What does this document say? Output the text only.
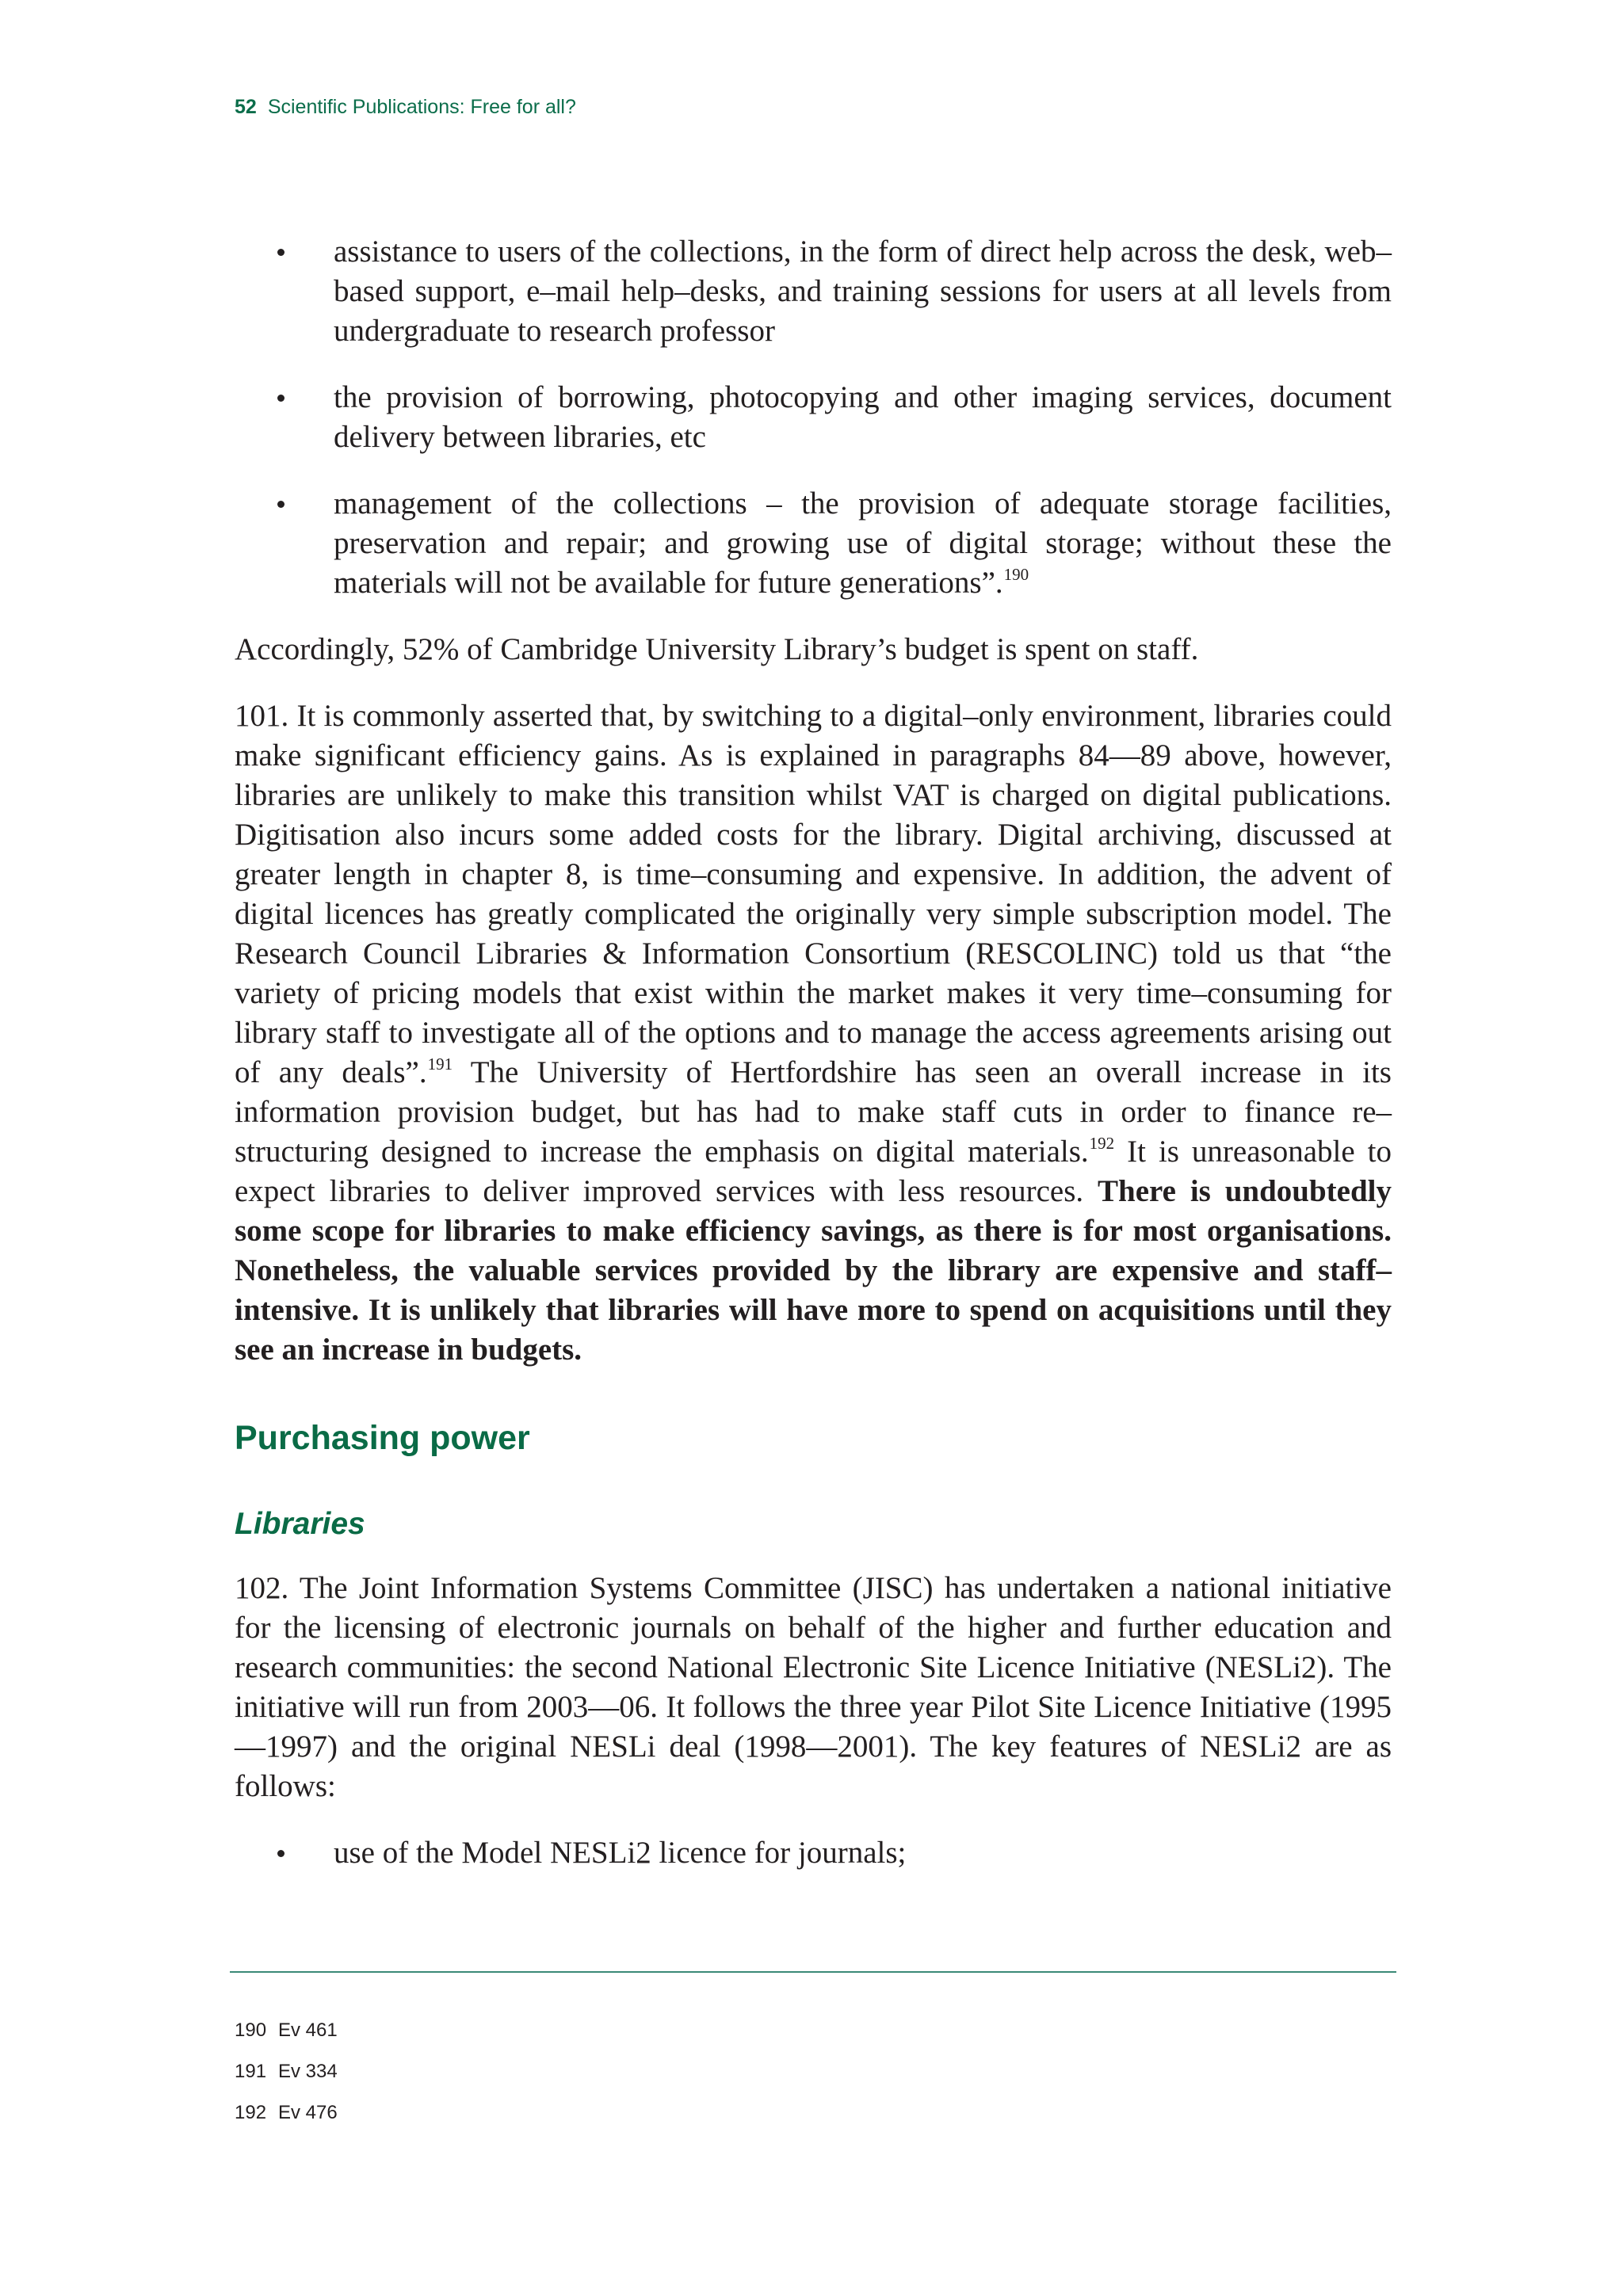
52 Scientific Publications: Free for all?
assistance to users of the collections, in the form of direct help across the desk, web–based support, e–mail help–desks, and training sessions for users at all levels from undergraduate to research professor
the provision of borrowing, photocopying and other imaging services, document delivery between libraries, etc
management of the collections – the provision of adequate storage facilities, preservation and repair; and growing use of digital storage; without these the materials will not be available for future generations”.$^{190}$

Accordingly, 52% of Cambridge University Library’s budget is spent on staff.

101. It is commonly asserted that, by switching to a digital–only environment, libraries could make significant efficiency gains. As is explained in paragraphs 84—89 above, however, libraries are unlikely to make this transition whilst VAT is charged on digital publications. Digitisation also incurs some added costs for the library. Digital archiving, discussed at greater length in chapter 8, is time–consuming and expensive. In addition, the advent of digital licences has greatly complicated the originally very simple subscription model. The Research Council Libraries & Information Consortium (RESCOLINC) told us that “the variety of pricing models that exist within the market makes it very time–consuming for library staff to investigate all of the options and to manage the access agreements arising out of any deals”.$^{191}$ The University of Hertfordshire has seen an overall increase in its information provision budget, but has had to make staff cuts in order to finance re–structuring designed to increase the emphasis on digital materials.$^{192}$ It is unreasonable to expect libraries to deliver improved services with less resources. There is undoubtedly some scope for libraries to make efficiency savings, as there is for most organisations. Nonetheless, the valuable services provided by the library are expensive and staff–intensive. It is unlikely that libraries will have more to spend on acquisitions until they see an increase in budgets.

Purchasing power
Libraries

102. The Joint Information Systems Committee (JISC) has undertaken a national initiative for the licensing of electronic journals on behalf of the higher and further education and research communities: the second National Electronic Site Licence Initiative (NESLi2). The initiative will run from 2003—06. It follows the three year Pilot Site Licence Initiative (1995—1997) and the original NESLi deal (1998—2001). The key features of NESLi2 are as follows:

use of the Model NESLi2 licence for journals;
190 Ev 461
191 Ev 334
192 Ev 476
